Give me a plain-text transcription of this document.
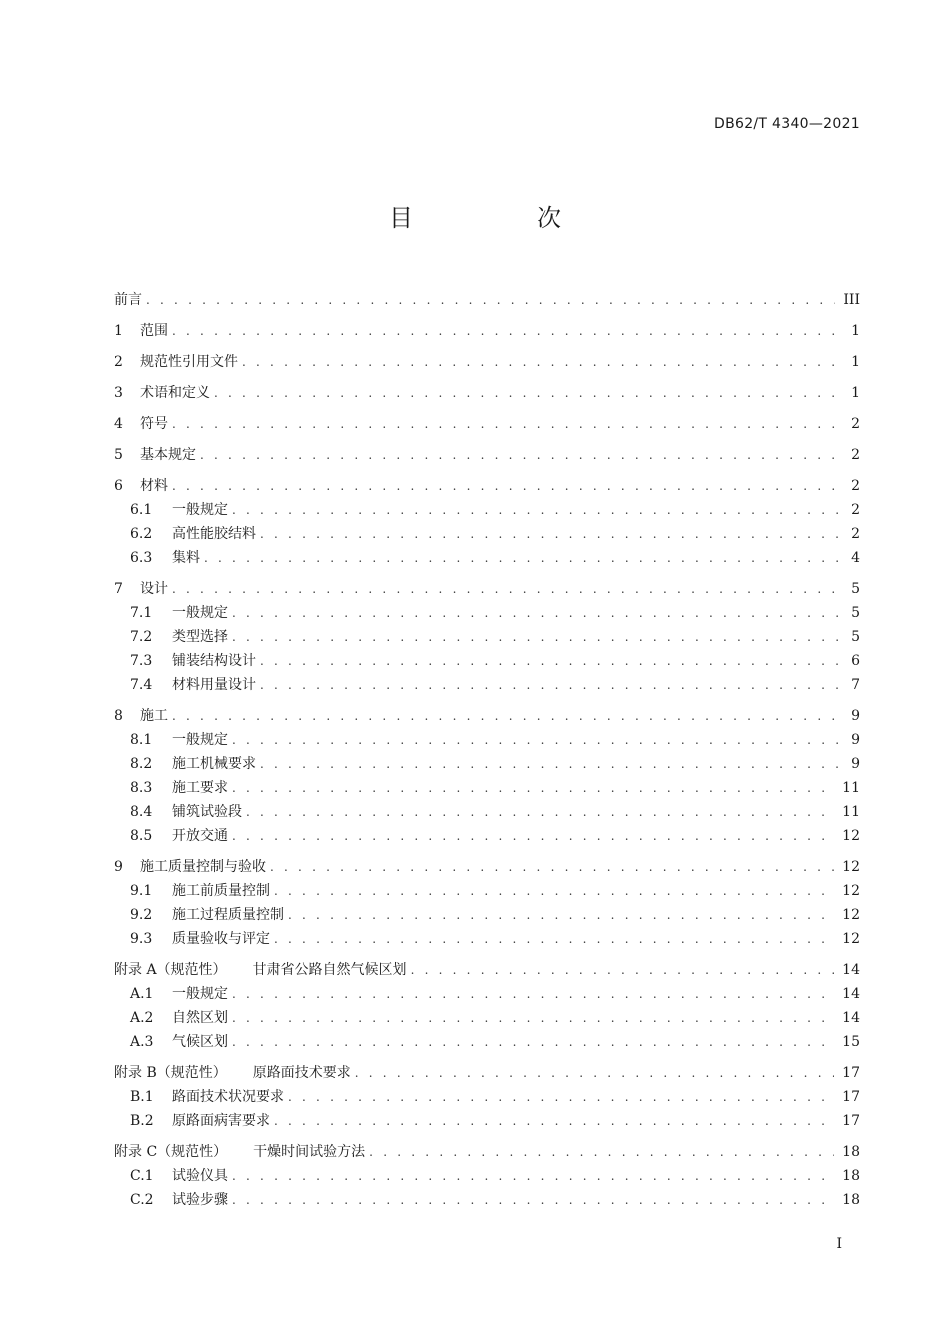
DB62/T 4340—2021
目　次
前言 . . .	III
1	范围 . . .	1
2	规范性引用文件 . . .	1
3	术语和定义 . . .	1
4	符号 . . .	2
5	基本规定 . . .	2
6	材料 . . .	2
6.1	一般规定 . . .	2
6.2	高性能胶结料 . . .	2
6.3	集料 . . .	4
7	设计 . . .	5
7.1	一般规定 . . .	5
7.2	类型选择 . . .	5
7.3	铺装结构设计 . . .	6
7.4	材料用量设计 . . .	7
8	施工 . . .	9
8.1	一般规定 . . .	9
8.2	施工机械要求 . . .	9
8.3	施工要求 . . .	11
8.4	铺筑试验段 . . .	11
8.5	开放交通 . . .	12
9	施工质量控制与验收 . . .	12
9.1	施工前质量控制 . . .	12
9.2	施工过程质量控制 . . .	12
9.3	质量验收与评定 . . .	12
附录 A（规范性）	甘肃省公路自然气候区划 . . .	14
A.1	一般规定 . . .	14
A.2	自然区划 . . .	14
A.3	气候区划 . . .	15
附录 B（规范性）	原路面技术要求 . . .	17
B.1	路面技术状况要求 . . .	17
B.2	原路面病害要求 . . .	17
附录 C（规范性）	干燥时间试验方法 . . .	18
C.1	试验仪具 . . .	18
C.2	试验步骤 . . .	18
I
